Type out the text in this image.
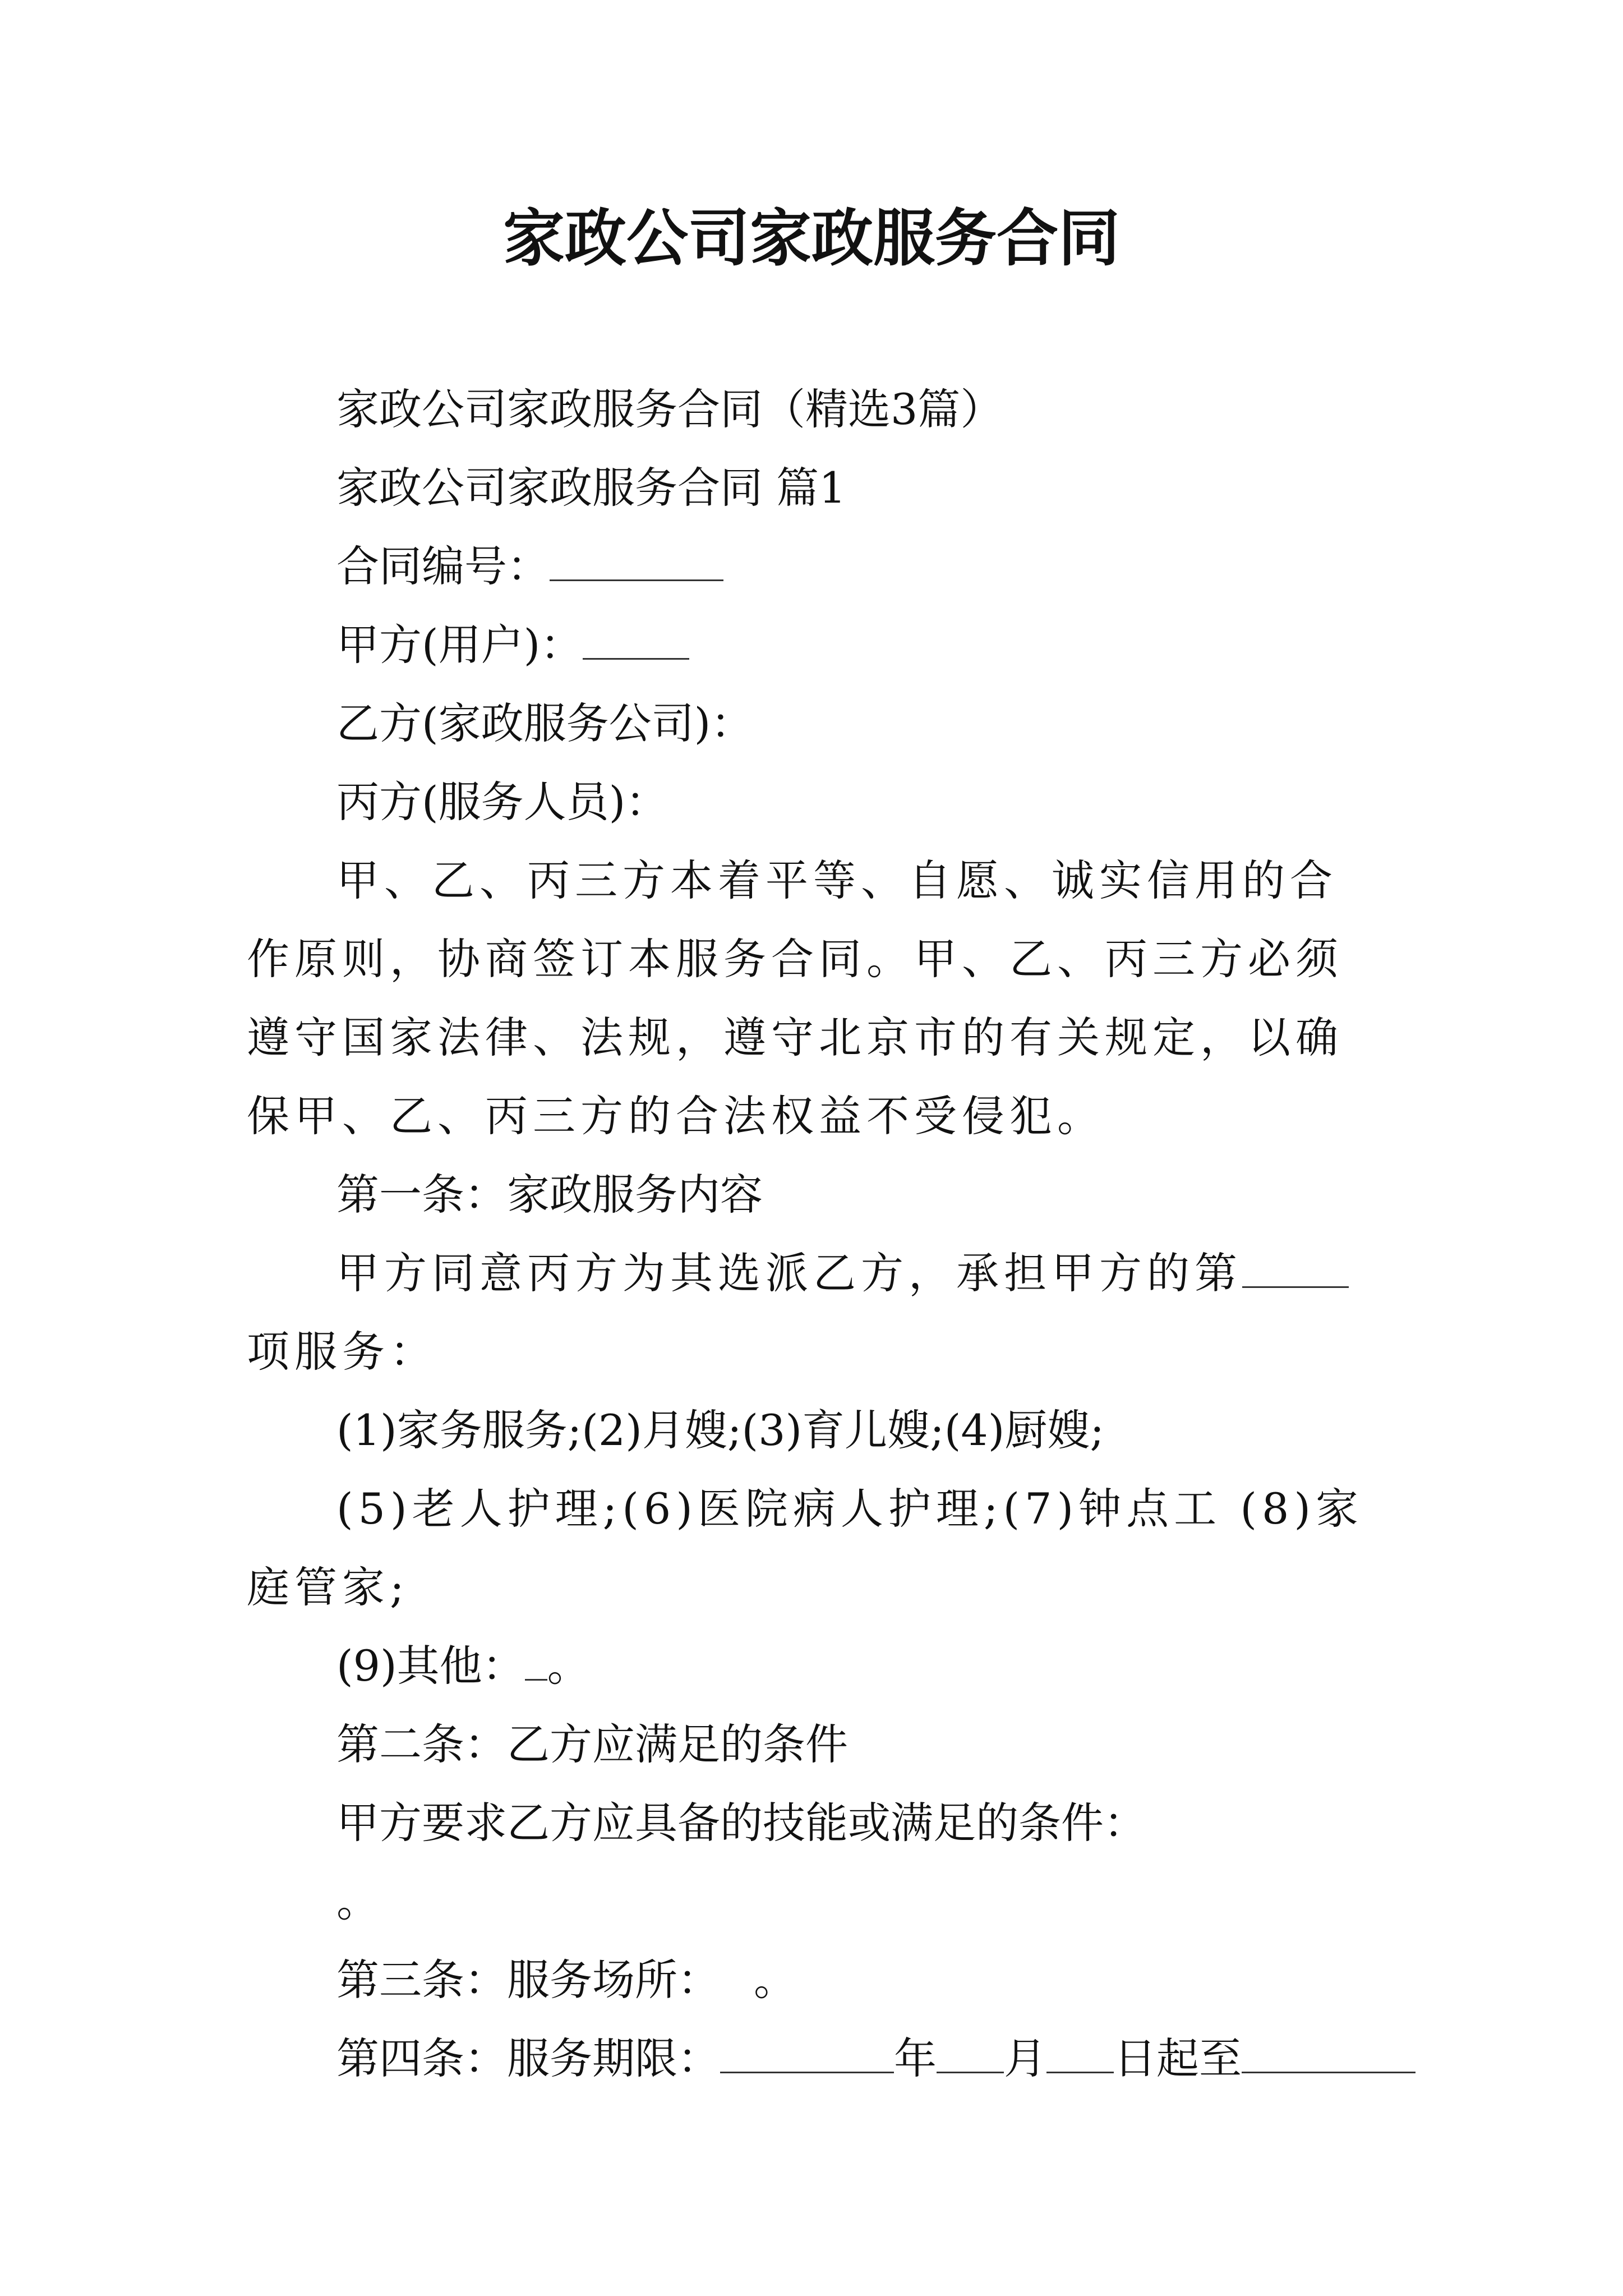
家政公司家政服务合同

家政公司家政服务合同（精选3篇）

家政公司家政服务合同 篇1

合同编号：

甲方(用户)：

乙方(家政服务公司)：

丙方(服务人员)：

甲、乙、丙三方本着平等、自愿、诚实信用的合作原则，协商签订本服务合同。甲、乙、丙三方必须遵守国家法律、法规，遵守北京市的有关规定，以确保甲、乙、丙三方的合法权益不受侵犯。

第一条：家政服务内容

甲方同意丙方为其选派乙方，承担甲方的第项服务：

(1)家务服务;(2)月嫂;(3)育儿嫂;(4)厨嫂;

(5)老人护理;(6)医院病人护理;(7)钟点工 (8)家庭管家;

(9)其他： 。

第二条：乙方应满足的条件

甲方要求乙方应具备的技能或满足的条件：

。

第三条：服务场所： 。

第四条：服务期限：	年 月 日起至
